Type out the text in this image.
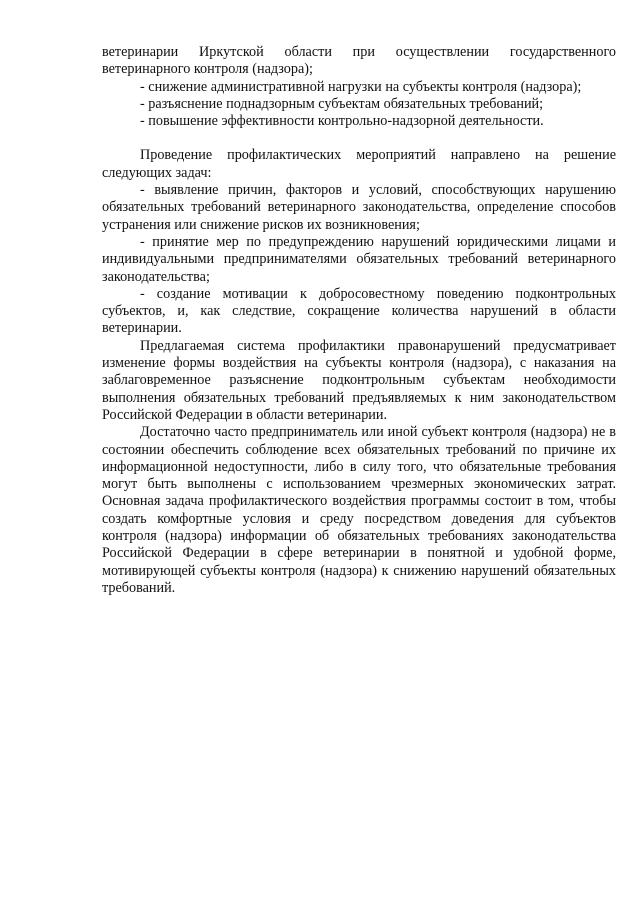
ветеринарии Иркутской области при осуществлении государственного ветеринарного контроля (надзора);

- снижение административной нагрузки на субъекты контроля (надзора);

- разъяснение поднадзорным субъектам обязательных требований;

- повышение эффективности контрольно-надзорной деятельности.

Проведение профилактических мероприятий направлено на решение следующих задач:

- выявление причин, факторов и условий, способствующих нарушению обязательных требований ветеринарного законодательства, определение способов устранения или снижение рисков их возникновения;

- принятие мер по предупреждению нарушений юридическими лицами и индивидуальными предпринимателями обязательных требований ветеринарного законодательства;

- создание мотивации к добросовестному поведению подконтрольных субъектов, и, как следствие, сокращение количества нарушений в области ветеринарии.

Предлагаемая система профилактики правонарушений предусматривает изменение формы воздействия на субъекты контроля (надзора), с наказания на заблаговременное разъяснение подконтрольным субъектам необходимости выполнения обязательных требований предъявляемых к ним законодательством Российской Федерации в области ветеринарии.

Достаточно часто предприниматель или иной субъект контроля (надзора) не в состоянии обеспечить соблюдение всех обязательных требований по причине их информационной недоступности, либо в силу того, что обязательные требования могут быть выполнены с использованием чрезмерных экономических затрат. Основная задача профилактического воздействия программы состоит в том, чтобы создать комфортные условия и среду посредством доведения для субъектов контроля (надзора) информации об обязательных требованиях законодательства Российской Федерации в сфере ветеринарии в понятной и удобной форме, мотивирующей субъекты контроля (надзора) к снижению нарушений обязательных требований.
